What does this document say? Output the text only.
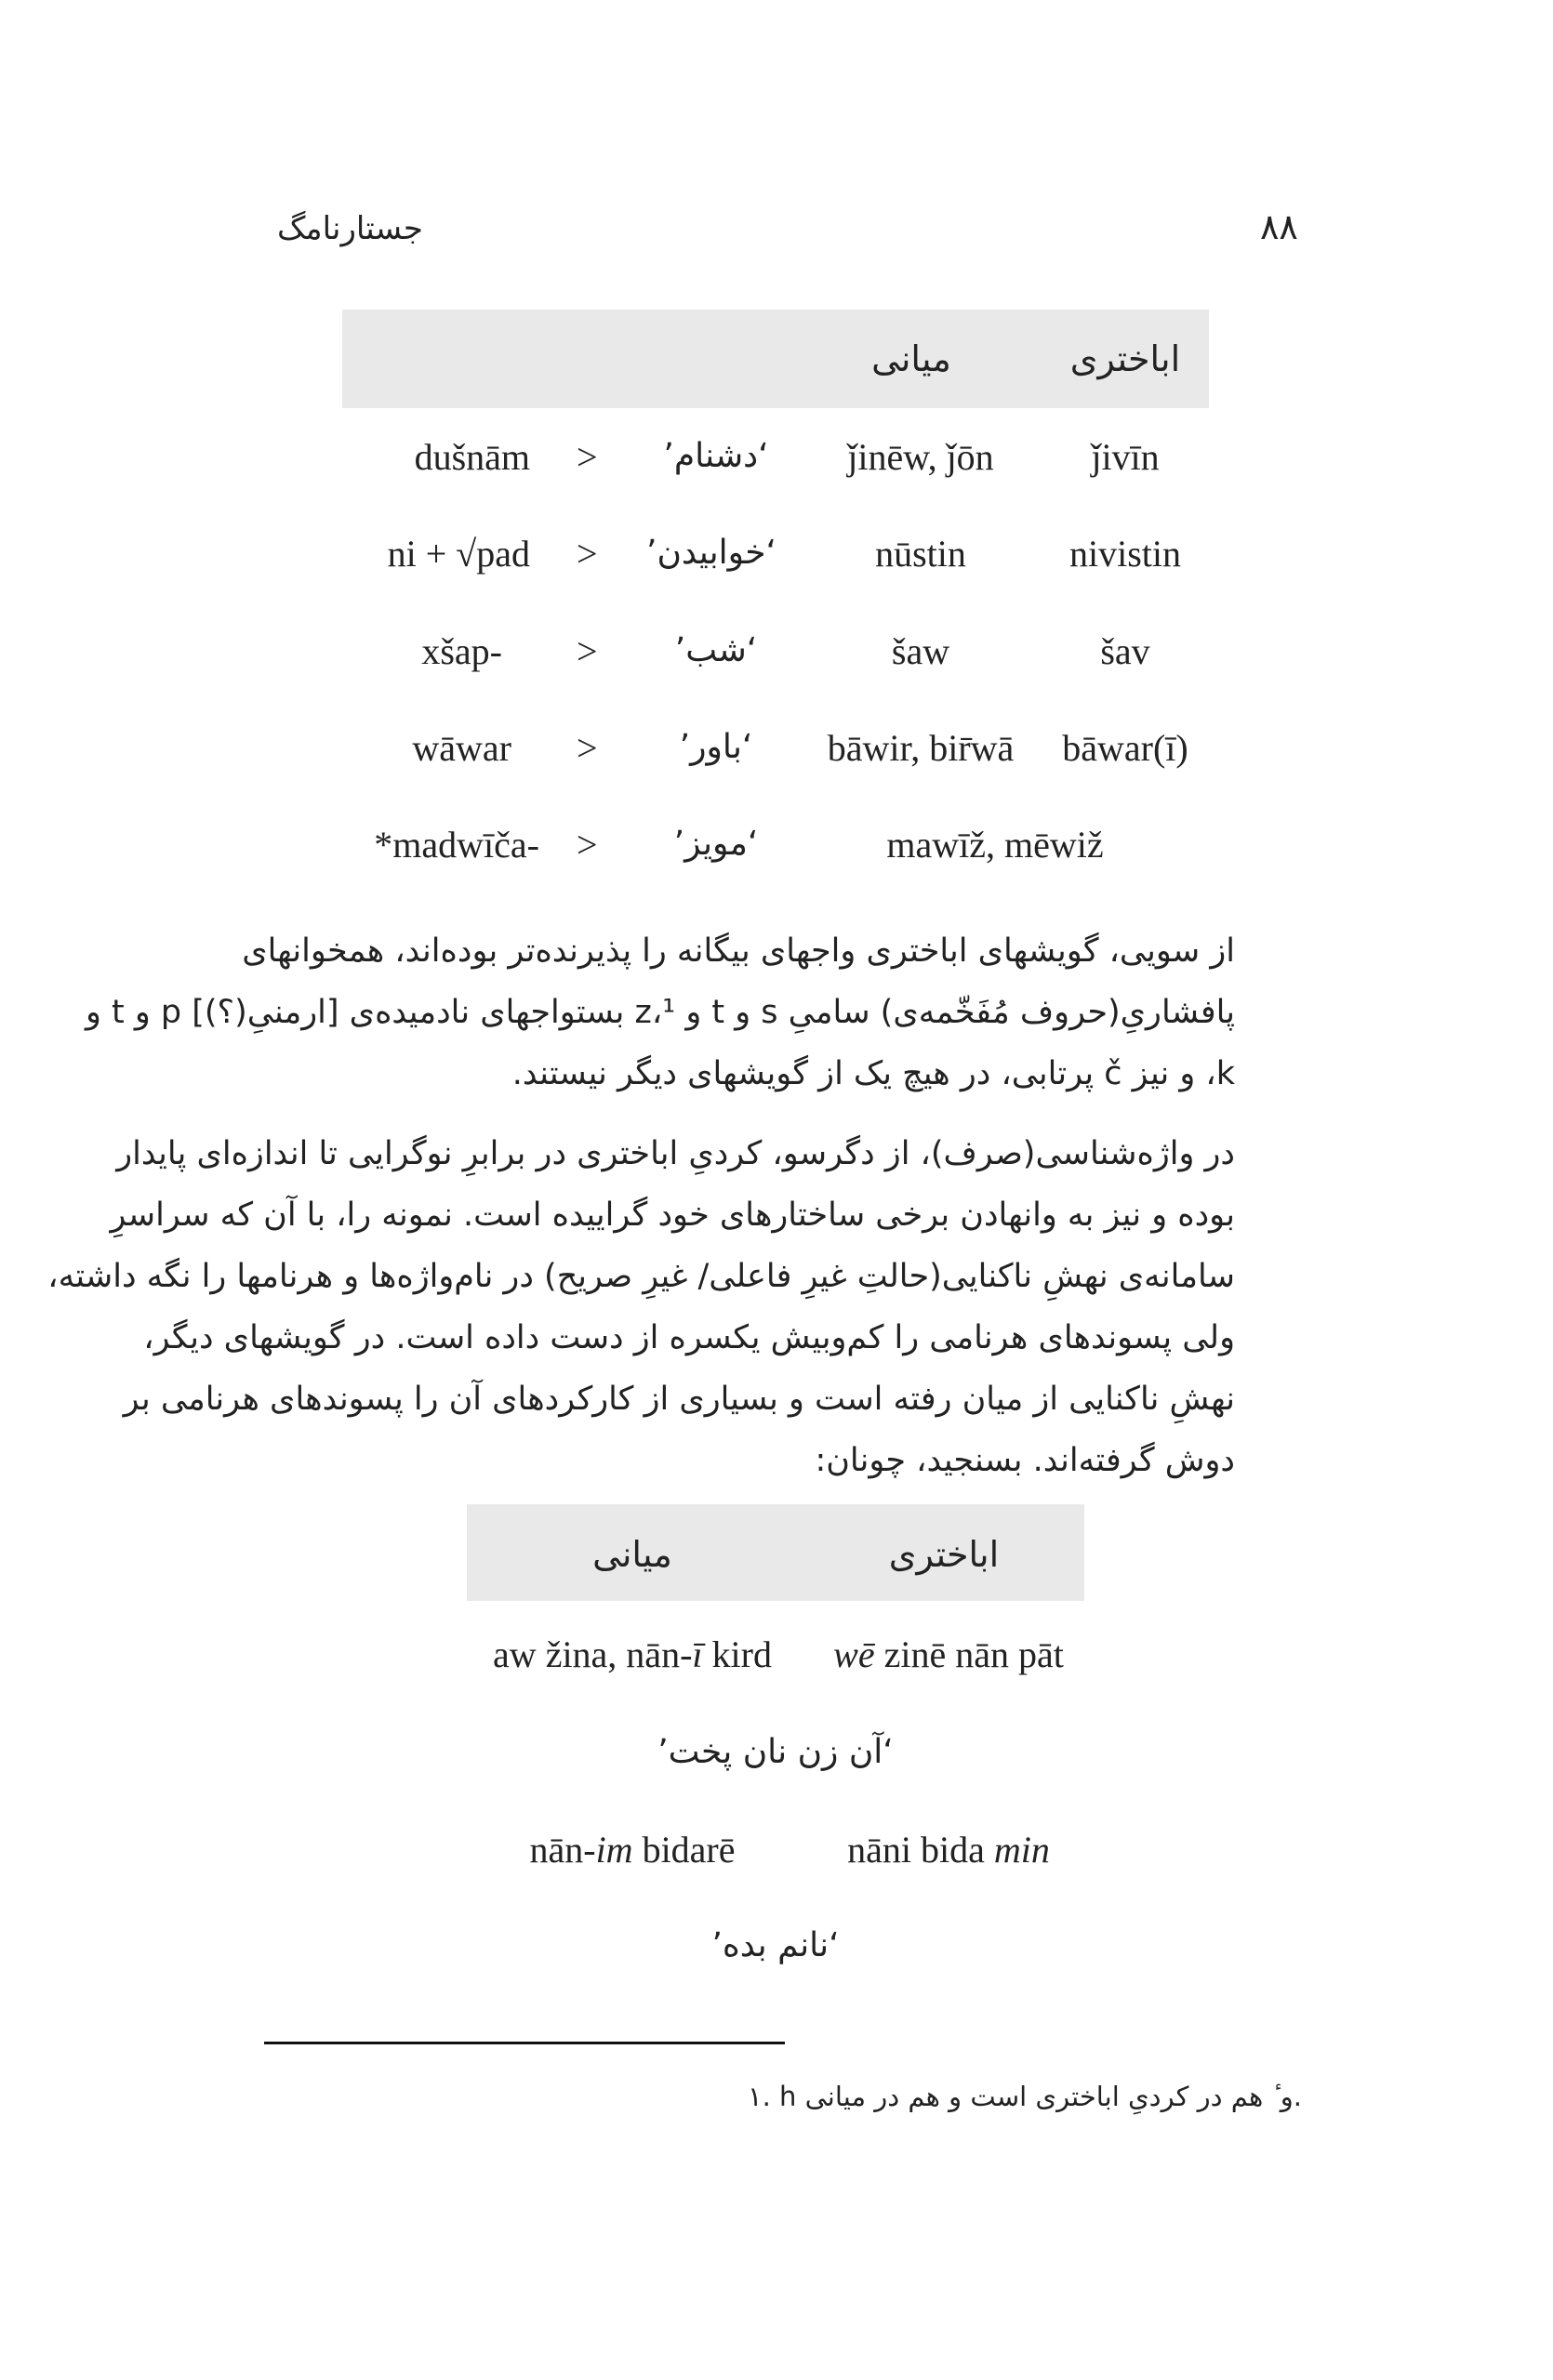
۸۸
جستارنامگ
اباختری
میانی
dušnām >	‘دشنام’	ǰinēw, ǰōn	ǰivīn
ni + √pad >	‘خوابیدن’	nūstin	nivistin
xšap- >	‘شب’	šaw	šav
wāwar >	‘باور’	bāwir, bir̄wā	bāwar(ī)
*madwīča- >	‘مویز’	mawīž, mēwiž
از سویی، گویشهای اباختری واجهای بیگانه را پذیرنده‌تر بوده‌اند، همخوانهای
پافشاریِ(حروف مُفَخّمه‌ی) سامیِ s و t و z،¹ بستواجهای نادمیده‌ی [ارمنیِ(؟)] p و t و
k، و نیز č پرتابی، در هیچ یک از گویشهای دیگر نیستند.
در واژه‌شناسی(صرف)، از دگرسو، کردیِ اباختری در برابرِ نوگرایی تا اندازه‌ای پایدار
بوده و نیز به وانهادن برخی ساختارهای خود گراییده است. نمونه را، با آن که سراسرِ
سامانه‌ی نهشِ ناکنایی(حالتِ غیرِ فاعلی/ غیرِ صریح) در نام‌واژه‌ها و هرنامها را نگه داشته،
ولی پسوندهای هرنامی را کم‌وبیش یکسره از دست داده است. در گویشهای دیگر،
نهشِ ناکنایی از میان رفته است و بسیاری از کارکردهای آن را پسوندهای هرنامی بر
دوش گرفته‌اند. بسنجید، چونان:
اباختری
میانی
aw žina, nān-ī kird	wē zinē nān pāt
‘آن زن نان پخت’
nān-im bidarē	nāni bida min
‘نانم بده’
١. h و ٔ هم در کردیِ اباختری است و هم در میانی.
